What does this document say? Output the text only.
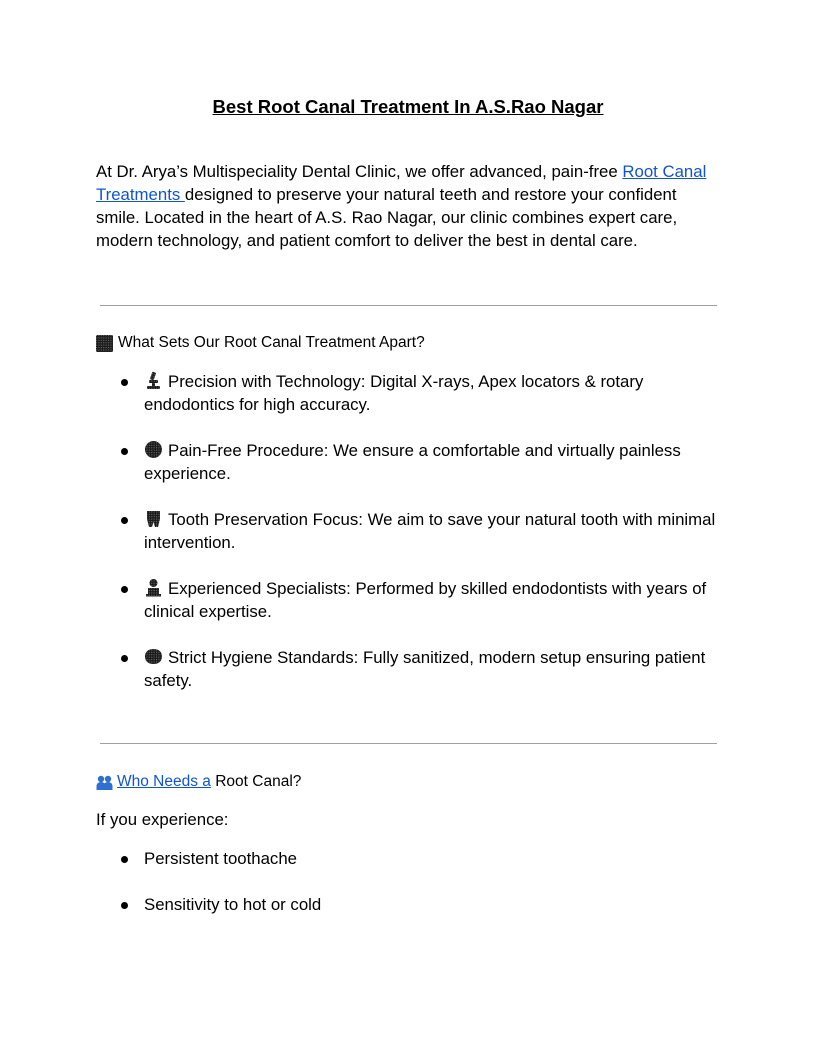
Best Root Canal Treatment In A.S.Rao Nagar
At Dr. Arya’s Multispeciality Dental Clinic, we offer advanced, pain-free Root Canal Treatments designed to preserve your natural teeth and restore your confident smile. Located in the heart of A.S. Rao Nagar, our clinic combines expert care, modern technology, and patient comfort to deliver the best in dental care.
What Sets Our Root Canal Treatment Apart?
Precision with Technology: Digital X-rays, Apex locators & rotary endodontics for high accuracy.
Pain-Free Procedure: We ensure a comfortable and virtually painless experience.
Tooth Preservation Focus: We aim to save your natural tooth with minimal intervention.
Experienced Specialists: Performed by skilled endodontists with years of clinical expertise.
Strict Hygiene Standards: Fully sanitized, modern setup ensuring patient safety.
Who Needs a Root Canal?
If you experience:
Persistent toothache
Sensitivity to hot or cold
